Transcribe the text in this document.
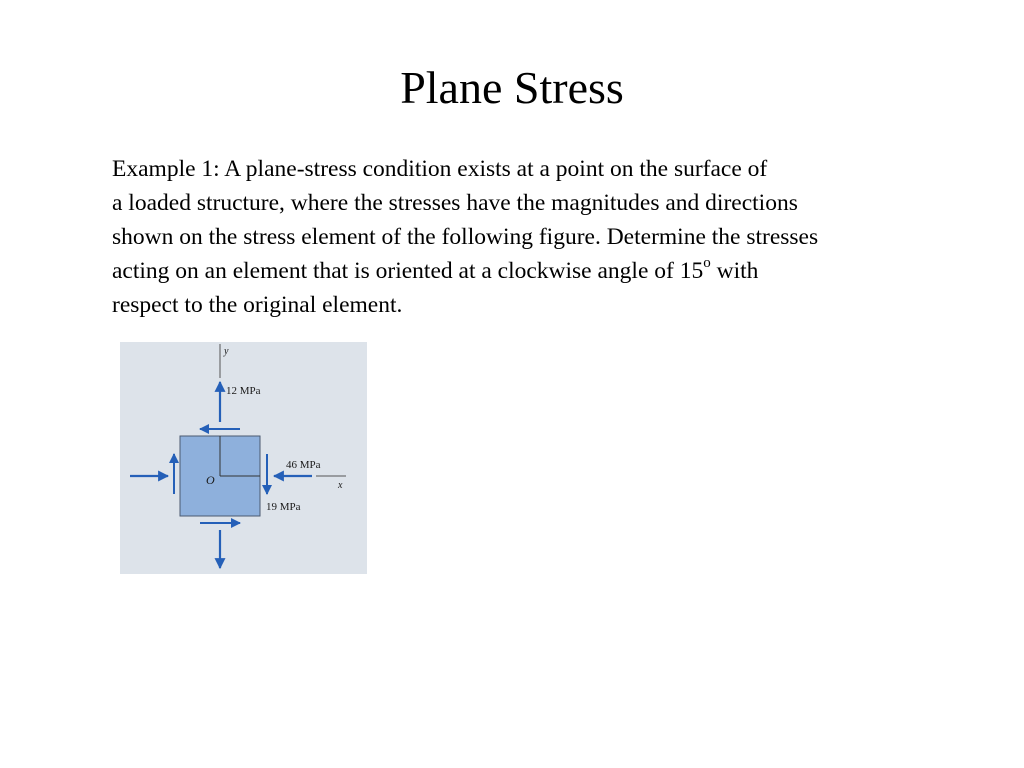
Plane Stress
Example 1: A plane-stress condition exists at a point on the surface of
a loaded structure, where the stresses have the magnitudes and directions
shown on the stress element of the following figure. Determine the stresses
acting on an element that is oriented at a clockwise angle of 15$^o$ with
respect to the original element.
y
12 MPa
O
46 MPa
x
19 MPa
